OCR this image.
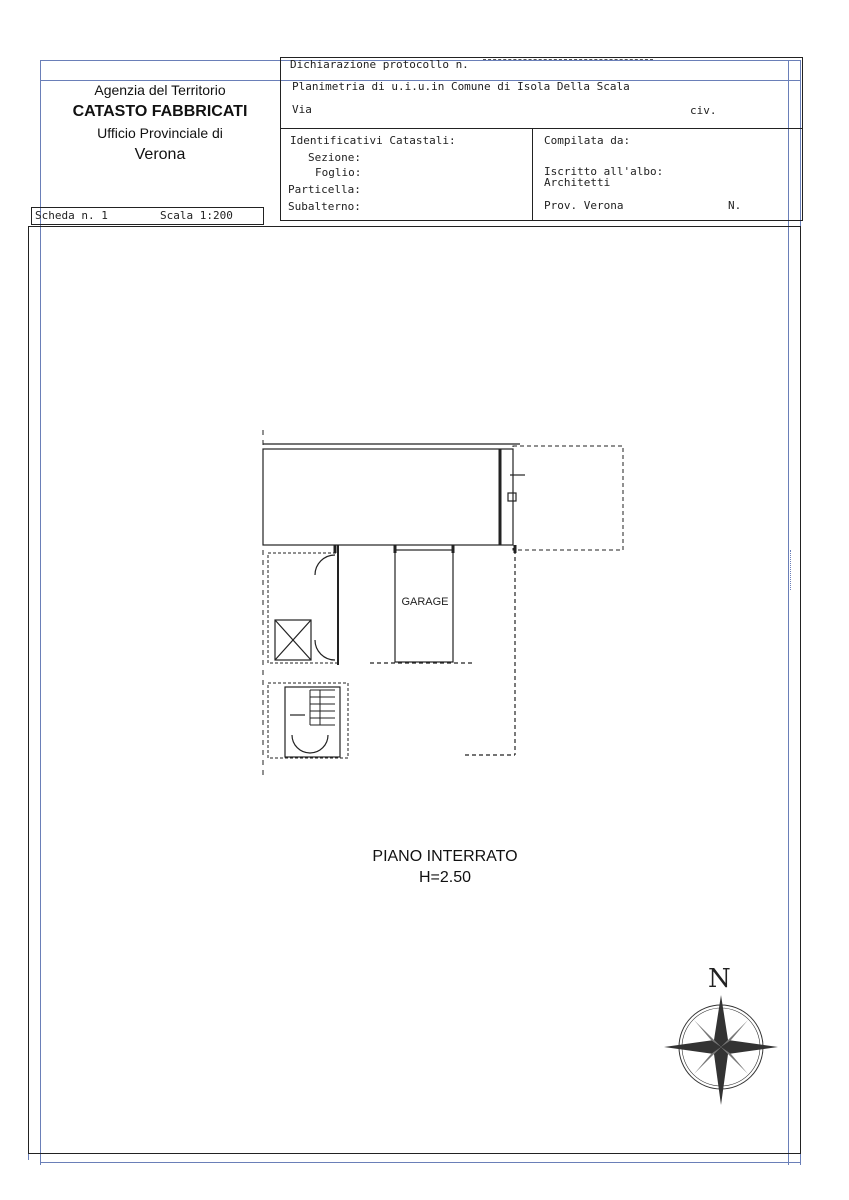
Agenzia del Territorio
CATASTO FABBRICATI
Ufficio Provinciale di
Verona
Dichiarazione protocollo n.
Planimetria di u.i.u.in Comune di Isola Della Scala
Via	civ.
Identificativi Catastali:
Sezione:
Foglio:
Particella:
Subalterno:
Compilata da:
Iscritto all'albo:
Architetti
Prov. Verona	N.
Scheda n. 1	Scala 1:200
GARAGE
PIANO INTERRATO
H=2.50
N
